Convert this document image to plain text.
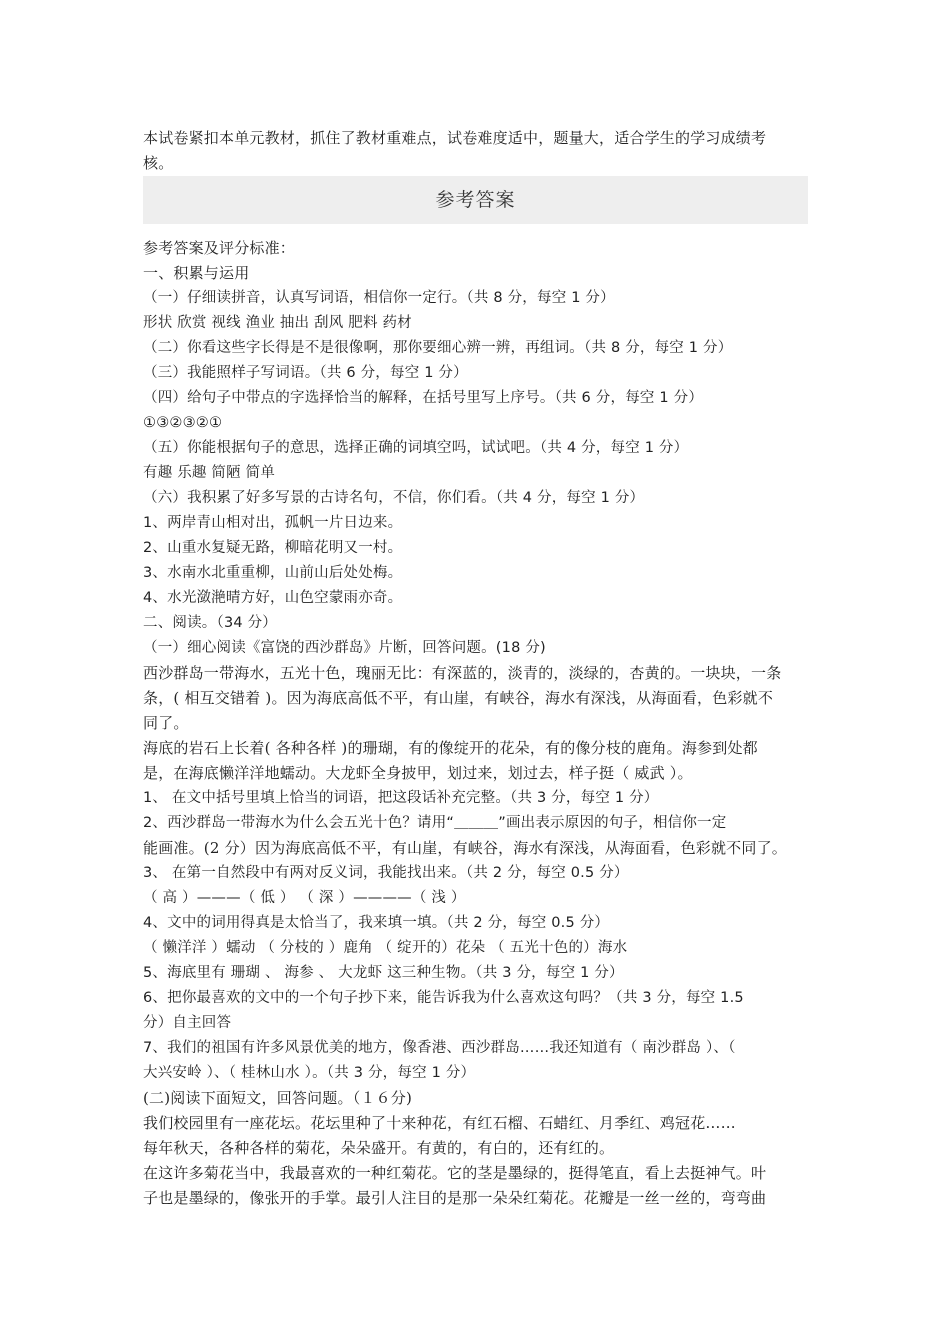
本试卷紧扣本单元教材，抓住了教材重难点，试卷难度适中，题量大，适合学生的学习成绩考
核。
参考答案
参考答案及评分标准：
一、积累与运用
（一）仔细读拼音，认真写词语，相信你一定行。（共 8 分，每空 1 分）
形状 欣赏 视线 渔业 抽出 刮风 肥料 药材
（二）你看这些字长得是不是很像啊，那你要细心辨一辨，再组词。（共 8 分，每空 1 分）
（三）我能照样子写词语。（共 6 分，每空 1 分）
（四）给句子中带点的字选择恰当的解释，在括号里写上序号。（共 6 分，每空 1 分）
①③②③②①
（五）你能根据句子的意思，选择正确的词填空吗，试试吧。（共 4 分，每空 1 分）
有趣 乐趣 简陋 简单
（六）我积累了好多写景的古诗名句，不信，你们看。（共 4 分，每空 1 分）
1、两岸青山相对出，孤帆一片日边来。
2、山重水复疑无路，柳暗花明又一村。
3、水南水北重重柳，山前山后处处梅。
4、水光潋滟晴方好，山色空蒙雨亦奇。
二、阅读。（34 分）
（一）细心阅读《富饶的西沙群岛》片断，回答问题。(18 分)
西沙群岛一带海水，五光十色，瑰丽无比：有深蓝的，淡青的，淡绿的，杏黄的。一块块，一条
条，( 相互交错着 )。因为海底高低不平，有山崖，有峡谷，海水有深浅，从海面看，色彩就不
同了。
海底的岩石上长着( 各种各样 )的珊瑚，有的像绽开的花朵，有的像分枝的鹿角。海参到处都
是，在海底懒洋洋地蠕动。大龙虾全身披甲，划过来，划过去，样子挺（ 威武 ）。
1、 在文中括号里填上恰当的词语，把这段话补充完整。（共 3 分，每空 1 分）
2、西沙群岛一带海水为什么会五光十色？请用“＿＿＿”画出表示原因的句子，相信你一定
能画准。(2 分）因为海底高低不平，有山崖，有峡谷，海水有深浅，从海面看，色彩就不同了。
3、 在第一自然段中有两对反义词，我能找出来。（共 2 分，每空 0.5 分）
（ 高 ）———（ 低 ） （ 深 ）————（ 浅 ）
4、文中的词用得真是太恰当了，我来填一填。（共 2 分，每空 0.5 分）
（ 懒洋洋 ）蠕动 （ 分枝的 ）鹿角 （ 绽开的）花朵 （ 五光十色的）海水
5、海底里有 珊瑚 、 海参 、 大龙虾 这三种生物。（共 3 分，每空 1 分）
6、把你最喜欢的文中的一个句子抄下来，能告诉我为什么喜欢这句吗？（共 3 分，每空 1.5
分）自主回答
7、我们的祖国有许多风景优美的地方，像香港、西沙群岛……我还知道有（ 南沙群岛 ）、（
大兴安岭 ）、（ 桂林山水 ）。（共 3 分，每空 1 分）
(二)阅读下面短文，回答问题。（１６分)
我们校园里有一座花坛。花坛里种了十来种花，有红石榴、石蜡红、月季红、鸡冠花……
每年秋天，各种各样的菊花，朵朵盛开。有黄的，有白的，还有红的。
在这许多菊花当中，我最喜欢的一种红菊花。它的茎是墨绿的，挺得笔直，看上去挺神气。叶
子也是墨绿的，像张开的手掌。最引人注目的是那一朵朵红菊花。花瓣是一丝一丝的，弯弯曲
